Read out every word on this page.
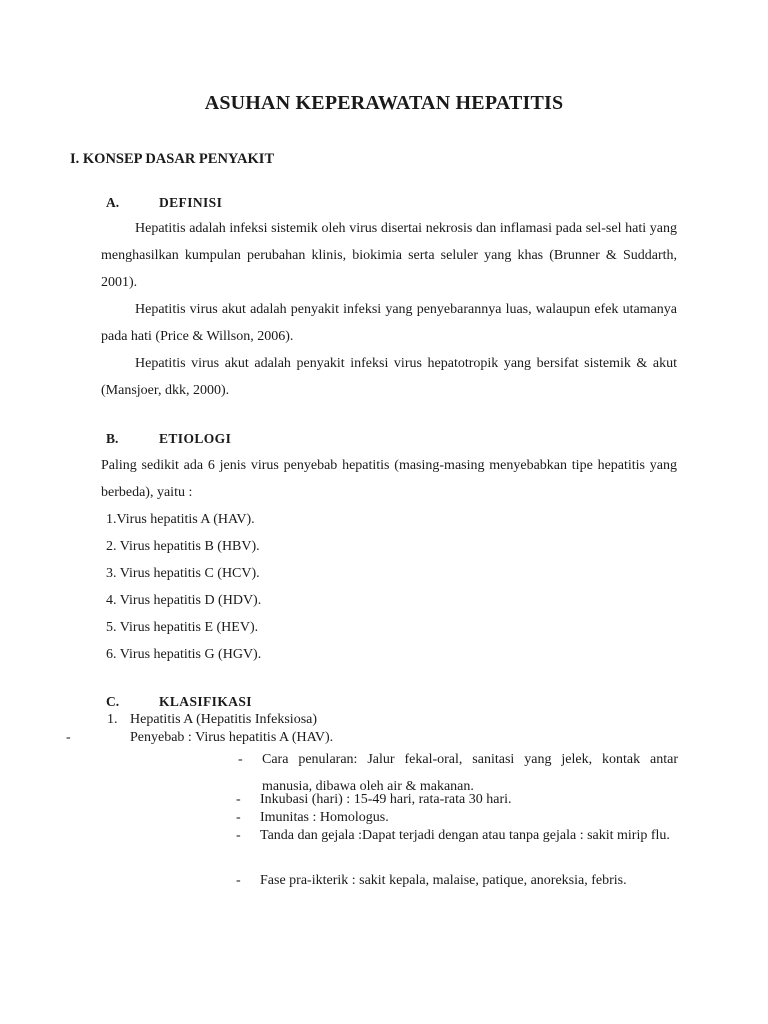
ASUHAN KEPERAWATAN HEPATITIS
I. KONSEP DASAR PENYAKIT
A.	DEFINISI
Hepatitis adalah infeksi sistemik oleh virus disertai nekrosis dan inflamasi pada sel-sel hati yang menghasilkan kumpulan perubahan klinis, biokimia serta seluler yang khas (Brunner & Suddarth, 2001).
Hepatitis virus akut adalah penyakit infeksi yang penyebarannya luas, walaupun efek utamanya pada hati (Price & Willson, 2006).
Hepatitis virus akut adalah penyakit infeksi virus hepatotropik yang bersifat sistemik & akut (Mansjoer, dkk, 2000).
B.	ETIOLOGI
Paling sedikit ada 6 jenis virus penyebab hepatitis (masing-masing menyebabkan tipe hepatitis yang berbeda), yaitu :
1.Virus hepatitis A (HAV).
2. Virus hepatitis B (HBV).
3. Virus hepatitis C (HCV).
4. Virus hepatitis D (HDV).
5. Virus hepatitis E (HEV).
6. Virus hepatitis G (HGV).
C.	KLASIFIKASI
1. Hepatitis A (Hepatitis Infeksiosa)
-	Penyebab : Virus hepatitis A (HAV).
-	Cara penularan: Jalur fekal-oral, sanitasi yang jelek, kontak antar manusia, dibawa oleh air & makanan.
-	Inkubasi (hari) : 15-49 hari, rata-rata 30 hari.
-	Imunitas : Homologus.
-	Tanda dan gejala :Dapat terjadi dengan atau tanpa gejala : sakit mirip flu.
-	Fase pra-ikterik : sakit kepala, malaise, patique, anoreksia, febris.
